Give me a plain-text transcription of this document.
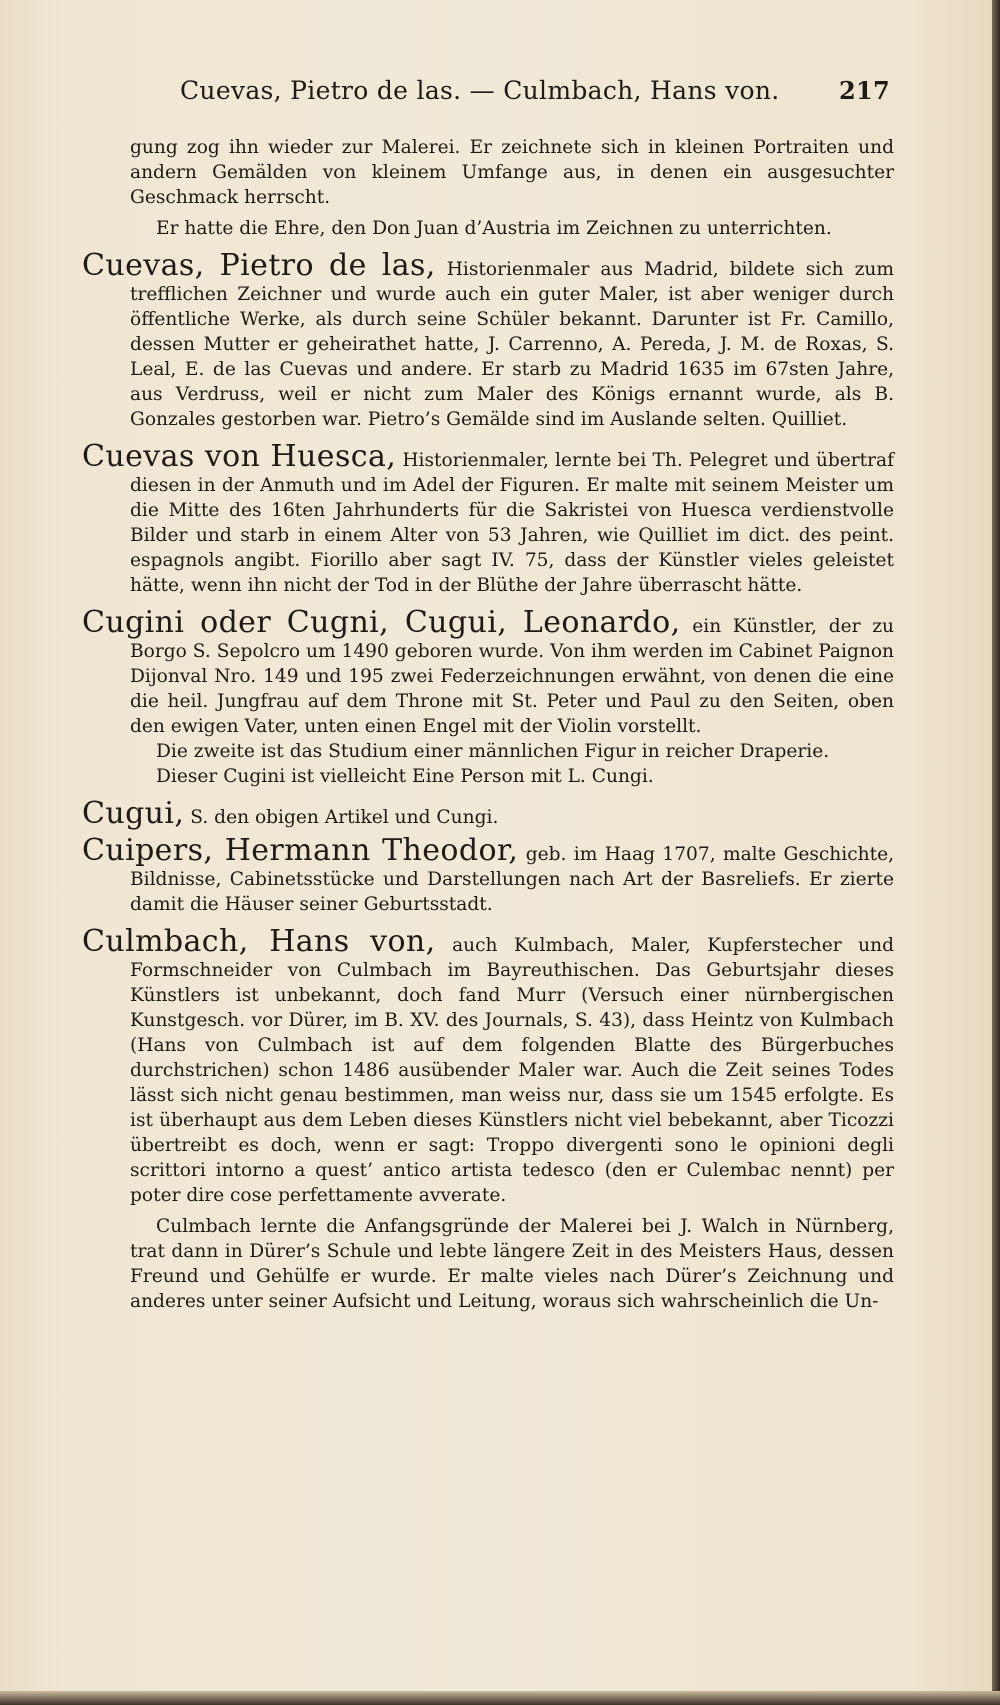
Cuevas, Pietro de las. — Culmbach, Hans von. 217

gung zog ihn wieder zur Malerei. Er zeichnete sich in kleinen Portraiten und andern Gemälden von kleinem Umfange aus, in denen ein ausgesuchter Geschmack herrscht.

Er hatte die Ehre, den Don Juan d’Austria im Zeichnen zu unterrichten.

Cuevas, Pietro de las, Historienmaler aus Madrid, bildete sich zum trefflichen Zeichner und wurde auch ein guter Maler, ist aber weniger durch öffentliche Werke, als durch seine Schüler bekannt. Darunter ist Fr. Camillo, dessen Mutter er geheirathet hatte, J. Carrenno, A. Pereda, J. M. de Roxas, S. Leal, E. de las Cuevas und andere. Er starb zu Madrid 1635 im 67sten Jahre, aus Verdruss, weil er nicht zum Maler des Königs ernannt wurde, als B. Gonzales gestorben war. Pietro’s Gemälde sind im Auslande selten. Quilliet.

Cuevas von Huesca, Historienmaler, lernte bei Th. Pelegret und übertraf diesen in der Anmuth und im Adel der Figuren. Er malte mit seinem Meister um die Mitte des 16ten Jahrhunderts für die Sakristei von Huesca verdienstvolle Bilder und starb in einem Alter von 53 Jahren, wie Quilliet im dict. des peint. espagnols angibt. Fiorillo aber sagt IV. 75, dass der Künstler vieles geleistet hätte, wenn ihn nicht der Tod in der Blüthe der Jahre überrascht hätte.

Cugini oder Cugni, Cugui, Leonardo, ein Künstler, der zu Borgo S. Sepolcro um 1490 geboren wurde. Von ihm werden im Cabinet Paignon Dijonval Nro. 149 und 195 zwei Federzeichnungen erwähnt, von denen die eine die heil. Jungfrau auf dem Throne mit St. Peter und Paul zu den Seiten, oben den ewigen Vater, unten einen Engel mit der Violin vorstellt.

Die zweite ist das Studium einer männlichen Figur in reicher Draperie.

Dieser Cugini ist vielleicht Eine Person mit L. Cungi.

Cugui, S. den obigen Artikel und Cungi.

Cuipers, Hermann Theodor, geb. im Haag 1707, malte Geschichte, Bildnisse, Cabinetsstücke und Darstellungen nach Art der Basreliefs. Er zierte damit die Häuser seiner Geburtsstadt.

Culmbach, Hans von, auch Kulmbach, Maler, Kupferstecher und Formschneider von Culmbach im Bayreuthischen. Das Geburtsjahr dieses Künstlers ist unbekannt, doch fand Murr (Versuch einer nürnbergischen Kunstgesch. vor Dürer, im B. XV. des Journals, S. 43), dass Heintz von Kulmbach (Hans von Culmbach ist auf dem folgenden Blatte des Bürgerbuches durchstrichen) schon 1486 ausübender Maler war. Auch die Zeit seines Todes lässt sich nicht genau bestimmen, man weiss nur, dass sie um 1545 erfolgte. Es ist überhaupt aus dem Leben dieses Künstlers nicht viel bebekannt, aber Ticozzi übertreibt es doch, wenn er sagt: Troppo divergenti sono le opinioni degli scrittori intorno a quest’ antico artista tedesco (den er Culembac nennt) per poter dire cose perfettamente avverate.

Culmbach lernte die Anfangsgründe der Malerei bei J. Walch in Nürnberg, trat dann in Dürer’s Schule und lebte längere Zeit in des Meisters Haus, dessen Freund und Gehülfe er wurde. Er malte vieles nach Dürer’s Zeichnung und anderes unter seiner Aufsicht und Leitung, woraus sich wahrscheinlich die Un-
